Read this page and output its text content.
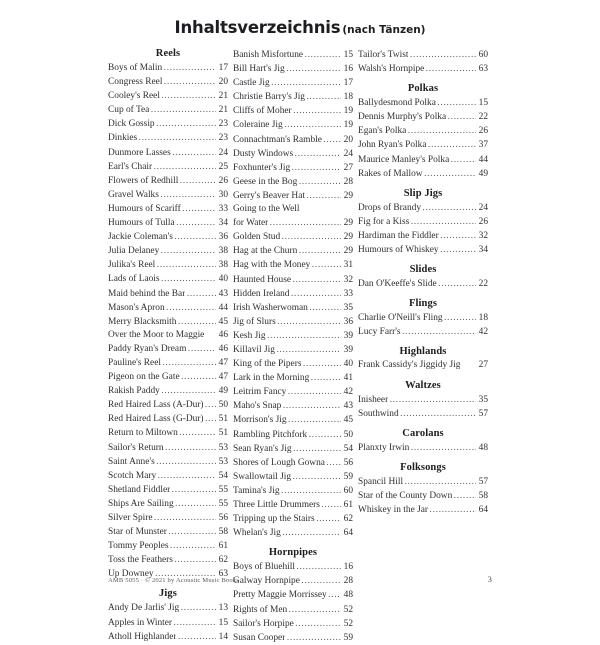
Inhaltsverzeichnis (nach Tänzen)
Reels
Boys of Malin .....	17
Congress Reel .....	20
Cooley's Reel .....	21
Cup of Tea .....	21
Dick Gossip .....	23
Dinkies .....	23
Dunmore Lasses .....	24
Earl's Chair .....	25
Flowers of Redhill .....	26
Gravel Walks .....	30
Humours of Scariff .....	33
Humours of Tulla .....	34
Jackie Coleman's .....	36
Julia Delaney .....	38
Julika's Reel .....	38
Lads of Laois .....	40
Maid behind the Bar .....	43
Mason's Apron .....	44
Merry Blacksmith .....	45
Over the Moor to Maggie 46
Paddy Ryan's Dream .....	46
Pauline's Reel .....	47
Pigeon on the Gate .....	47
Rakish Paddy .....	49
Red Haired Lass (A-Dur) ..... 50
Red Haired Lass (G-Dur) ..... 51
Return to Miltown .....	51
Sailor's Return .....	53
Saint Anne's .....	53
Scotch Mary .....	54
Shetland Fiddler .....	55
Ships Are Sailing .....	55
Silver Spire .....	56
Star of Munster .....	58
Tommy Peoples .....	61
Toss the Feathers .....	62
Up Downey .....	63
Jigs
Andy De Jarlis' Jig .....	13
Apples in Winter .....	15
Atholl Highlander .....	14
Banish Misfortune .....	15
Bill Hart's Jig .....	16
Castle Jig .....	17
Christie Barry's Jig .....	18
Cliffs of Moher .....	19
Coleraine Jig .....	19
Connachtman's Ramble ..... 20
Dusty Windows .....	24
Foxhunter's Jig .....	27
Geese in the Bog .....	28
Gerry's Beaver Hat .....	29
Going to the Well
for Water .....	29
Golden Stud .....	29
Hag at the Churn .....	29
Hag with the Money .....	31
Haunted House .....	32
Hidden Ireland .....	33
Irish Washerwoman .....	35
Jig of Slurs .....	36
Kesh Jig .....	39
Killavil Jig .....	39
King of the Pipers .....	40
Lark in the Morning .....	41
Leitrim Fancy .....	42
Maho's Snap .....	43
Morrison's Jig .....	45
Rambling Pitchfork .....	50
Sean Ryan's Jig .....	54
Shores of Lough Gowna ..... 56
Swallowtail Jig .....	59
Tamina's Jig .....	60
Three Little Drummers .....	61
Tripping up the Stairs .....	62
Whelan's Jig .....	64
Hornpipes
Boys of Bluehill .....	16
Galway Hornpipe .....	28
Pretty Maggie Morrissey ..... 48
Rights of Men .....	52
Sailor's Horpipe .....	52
Susan Cooper .....	59
Tailor's Twist .....	60
Walsh's Hornpipe .....	63
Polkas
Ballydesmond Polka .....	15
Dennis Murphy's Polka .....	22
Egan's Polka .....	26
John Ryan's Polka .....	37
Maurice Manley's Polka .....	44
Rakes of Mallow .....	49
Slip Jigs
Drops of Brandy .....	24
Fig for a Kiss .....	26
Hardiman the Fiddler .....	32
Humours of Whiskey .....	34
Slides
Dan O'Keeffe's Slide .....	22
Flings
Charlie O'Neill's Fling .....	18
Lucy Farr's .....	42
Highlands
Frank Cassidy's Jiggidy Jig 27
Waltzes
Inisheer .....	35
Southwind .....	57
Carolans
Planxty Irwin .....	48
Folksongs
Spancil Hill .....	57
Star of the County Down .....	58
Whiskey in the Jar .....	64
AMB 5055 · © 2021 by Acoustic Music Books	3
